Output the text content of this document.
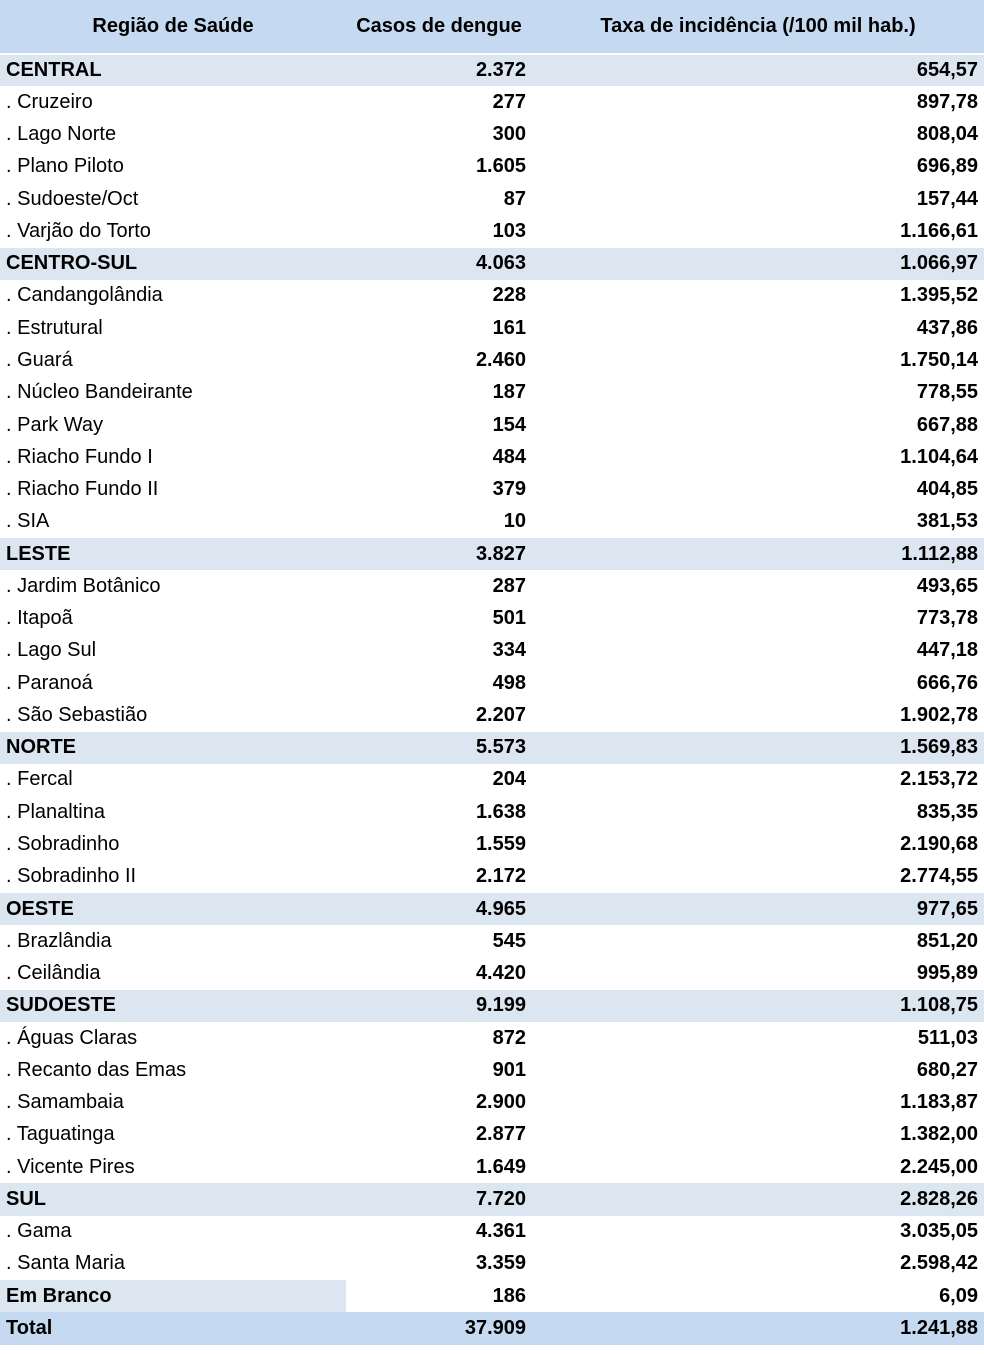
Região de Saúde	Casos de dengue	Taxa de incidência (/100 mil hab.)
CENTRAL	2.372	654,57
. Cruzeiro	277	897,78
. Lago Norte	300	808,04
. Plano Piloto	1.605	696,89
. Sudoeste/Oct	87	157,44
. Varjão do Torto	103	1.166,61
CENTRO-SUL	4.063	1.066,97
. Candangolândia	228	1.395,52
. Estrutural	161	437,86
. Guará	2.460	1.750,14
. Núcleo Bandeirante	187	778,55
. Park Way	154	667,88
. Riacho Fundo I	484	1.104,64
. Riacho Fundo II	379	404,85
. SIA	10	381,53
LESTE	3.827	1.112,88
. Jardim Botânico	287	493,65
. Itapoã	501	773,78
. Lago Sul	334	447,18
. Paranoá	498	666,76
. São Sebastião	2.207	1.902,78
NORTE	5.573	1.569,83
. Fercal	204	2.153,72
. Planaltina	1.638	835,35
. Sobradinho	1.559	2.190,68
. Sobradinho II	2.172	2.774,55
OESTE	4.965	977,65
. Brazlândia	545	851,20
. Ceilândia	4.420	995,89
SUDOESTE	9.199	1.108,75
. Águas Claras	872	511,03
. Recanto das Emas	901	680,27
. Samambaia	2.900	1.183,87
. Taguatinga	2.877	1.382,00
. Vicente Pires	1.649	2.245,00
SUL	7.720	2.828,26
. Gama	4.361	3.035,05
. Santa Maria	3.359	2.598,42
Em Branco	186	6,09
Total	37.909	1.241,88
